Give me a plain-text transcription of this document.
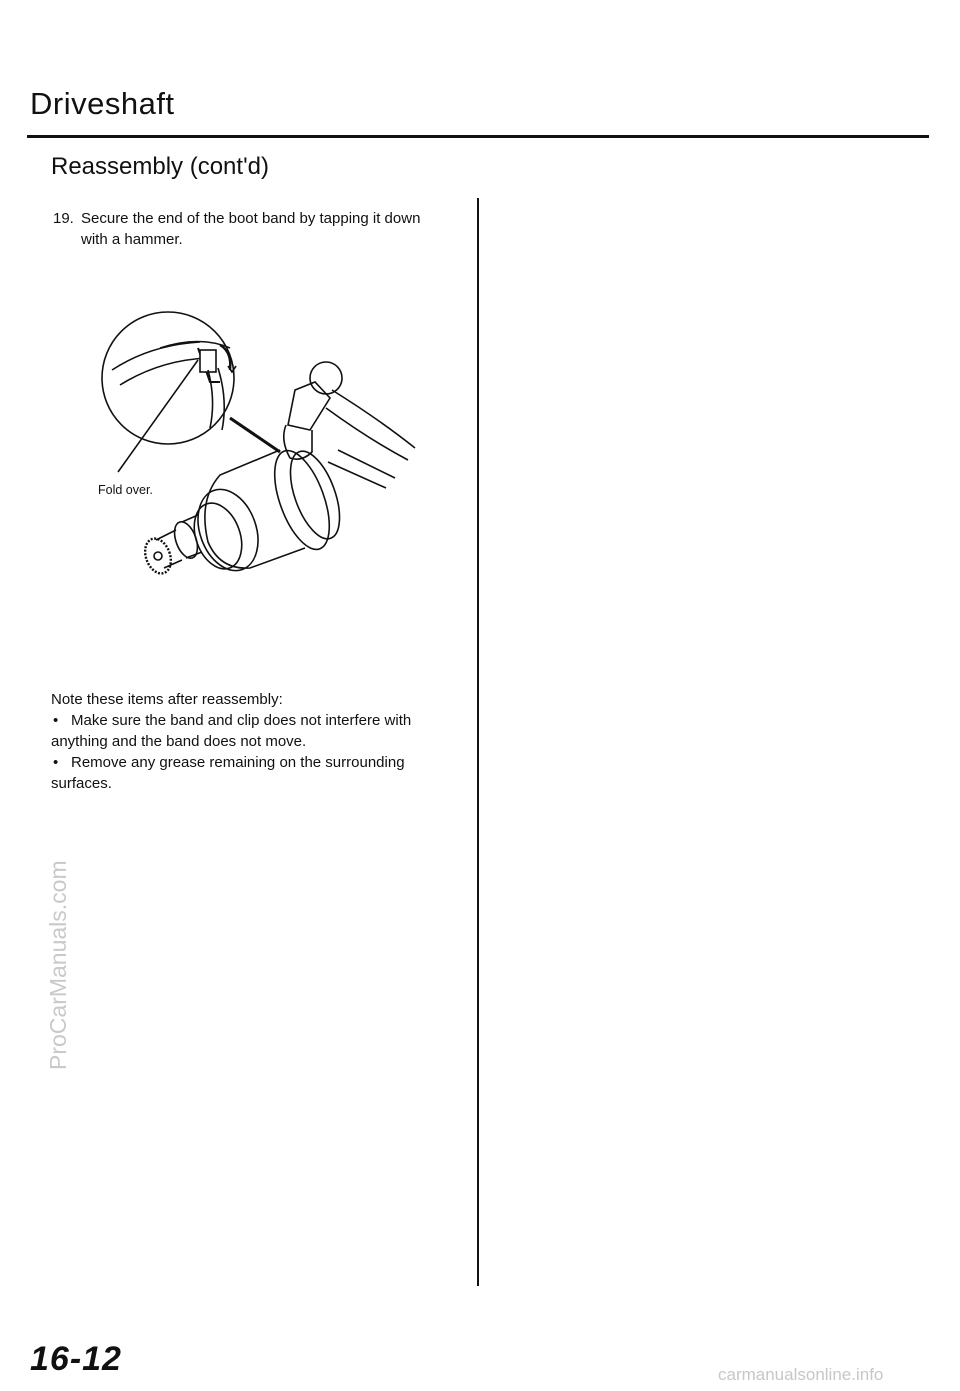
Driveshaft
Reassembly (cont'd)
19. Secure the end of the boot band by tapping it down
with a hammer.
Fold over.
Note these items after reassembly:
• Make sure the band and clip does not interfere with
anything and the band does not move.
• Remove any grease remaining on the surrounding
surfaces.
ProCarManuals.com
16-12	carmanualsonline.info
